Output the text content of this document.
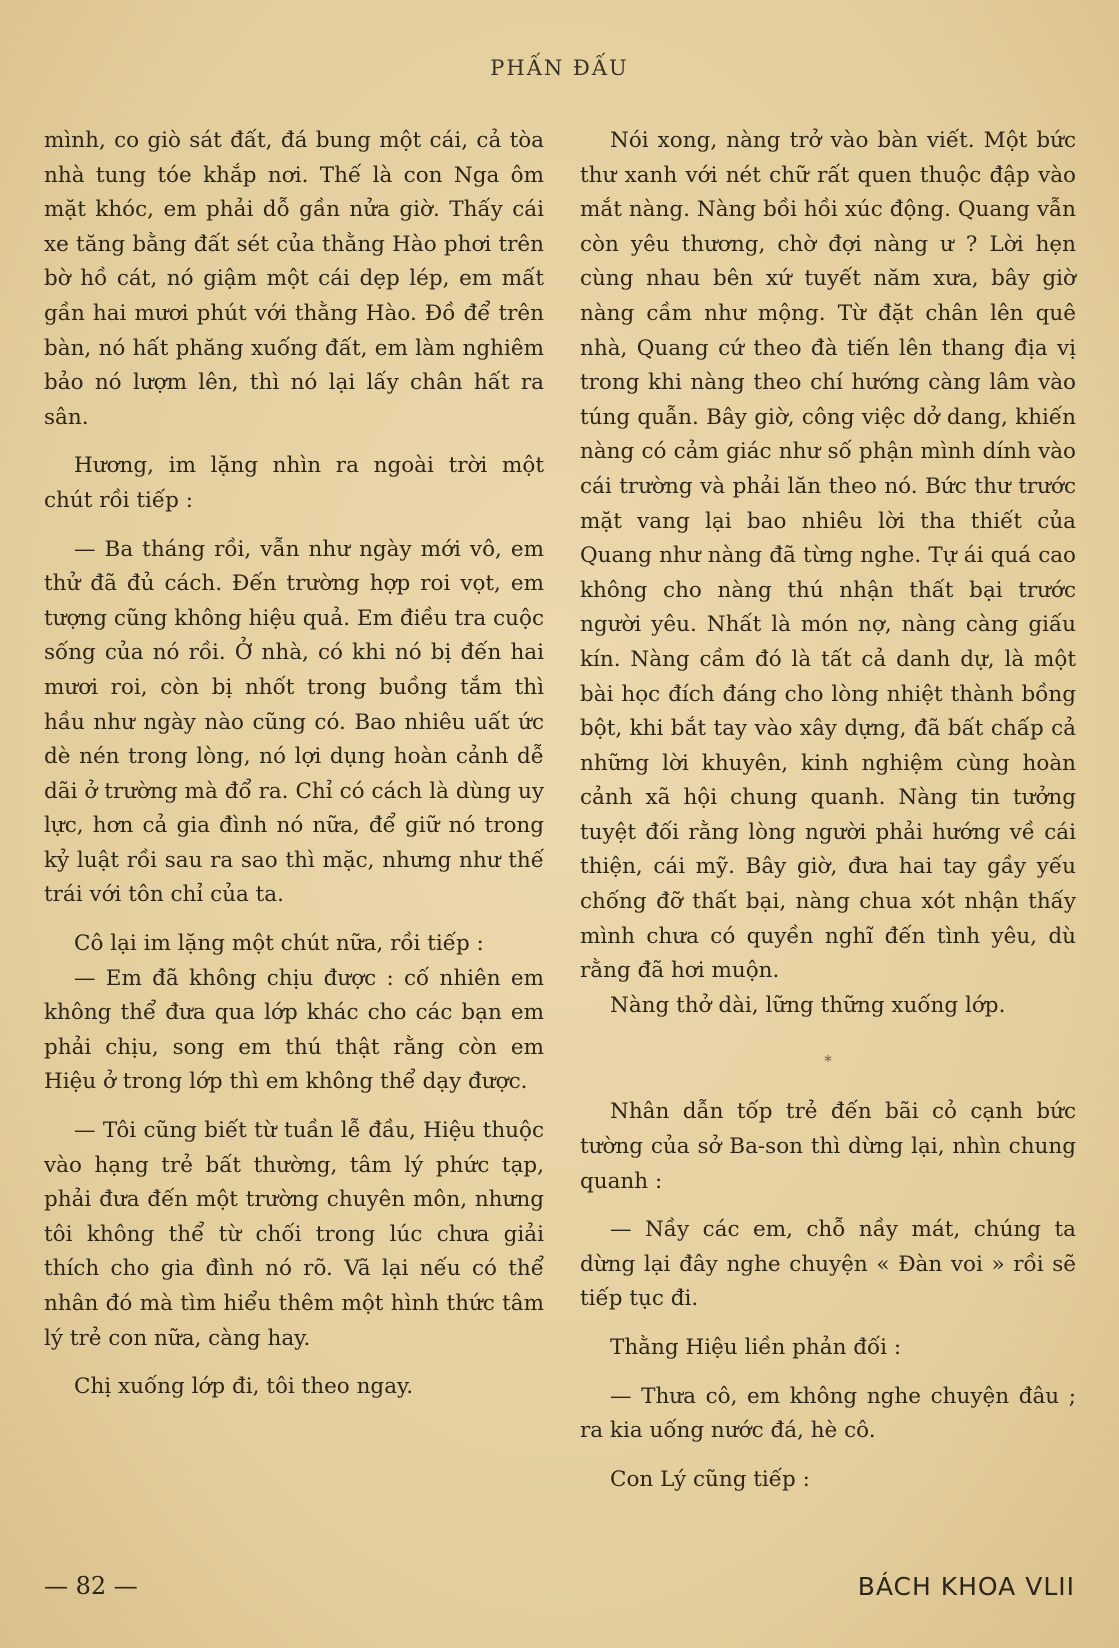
PHẤN ĐẤU

mình, co giò sát đất, đá bung một cái, cả tòa nhà tung tóe khắp nơi. Thế là con Nga ôm mặt khóc, em phải dỗ gần nửa giờ. Thấy cái xe tăng bằng đất sét của thằng Hào phơi trên bờ hồ cát, nó giậm một cái dẹp lép, em mất gần hai mươi phút với thằng Hào. Đồ để trên bàn, nó hất phăng xuống đất, em làm nghiêm bảo nó lượm lên, thì nó lại lấy chân hất ra sân.

Hương, im lặng nhìn ra ngoài trời một chút rồi tiếp :

— Ba tháng rồi, vẫn như ngày mới vô, em thử đã đủ cách. Đến trường hợp roi vọt, em tượng cũng không hiệu quả. Em điều tra cuộc sống của nó rồi. Ở nhà, có khi nó bị đến hai mươi roi, còn bị nhốt trong buồng tắm thì hầu như ngày nào cũng có. Bao nhiêu uất ức dè nén trong lòng, nó lợi dụng hoàn cảnh dễ dãi ở trường mà đổ ra. Chỉ có cách là dùng uy lực, hơn cả gia đình nó nữa, để giữ nó trong kỷ luật rồi sau ra sao thì mặc, nhưng như thế trái với tôn chỉ của ta.

Cô lại im lặng một chút nữa, rồi tiếp :

— Em đã không chịu được : cố nhiên em không thể đưa qua lớp khác cho các bạn em phải chịu, song em thú thật rằng còn em Hiệu ở trong lớp thì em không thể dạy được.

— Tôi cũng biết từ tuần lễ đầu, Hiệu thuộc vào hạng trẻ bất thường, tâm lý phức tạp, phải đưa đến một trường chuyên môn, nhưng tôi không thể từ chối trong lúc chưa giải thích cho gia đình nó rõ. Vã lại nếu có thể nhân đó mà tìm hiểu thêm một hình thức tâm lý trẻ con nữa, càng hay.

Chị xuống lớp đi, tôi theo ngay.

Nói xong, nàng trở vào bàn viết. Một bức thư xanh với nét chữ rất quen thuộc đập vào mắt nàng. Nàng bồi hồi xúc động. Quang vẫn còn yêu thương, chờ đợi nàng ư ? Lời hẹn cùng nhau bên xứ tuyết năm xưa, bây giờ nàng cầm như mộng. Từ đặt chân lên quê nhà, Quang cứ theo đà tiến lên thang địa vị trong khi nàng theo chí hướng càng lâm vào túng quẫn. Bây giờ, công việc dở dang, khiến nàng có cảm giác như số phận mình dính vào cái trường và phải lăn theo nó. Bức thư trước mặt vang lại bao nhiêu lời tha thiết của Quang như nàng đã từng nghe. Tự ái quá cao không cho nàng thú nhận thất bại trước người yêu. Nhất là món nợ, nàng càng giấu kín. Nàng cầm đó là tất cả danh dự, là một bài học đích đáng cho lòng nhiệt thành bồng bột, khi bắt tay vào xây dựng, đã bất chấp cả những lời khuyên, kinh nghiệm cùng hoàn cảnh xã hội chung quanh. Nàng tin tưởng tuyệt đối rằng lòng người phải hướng về cái thiện, cái mỹ. Bây giờ, đưa hai tay gầy yếu chống đỡ thất bại, nàng chua xót nhận thấy mình chưa có quyền nghĩ đến tình yêu, dù rằng đã hơi muộn.

Nàng thở dài, lững thững xuống lớp.

*

Nhân dẫn tốp trẻ đến bãi cỏ cạnh bức tường của sở Ba-son thì dừng lại, nhìn chung quanh :

— Nầy các em, chỗ nầy mát, chúng ta dừng lại đây nghe chuyện « Đàn voi » rồi sẽ tiếp tục đi.

Thằng Hiệu liền phản đối :

— Thưa cô, em không nghe chuyện đâu ; ra kia uống nước đá, hè cô.

Con Lý cũng tiếp :

— 82 —	BÁCH KHOA VLII
